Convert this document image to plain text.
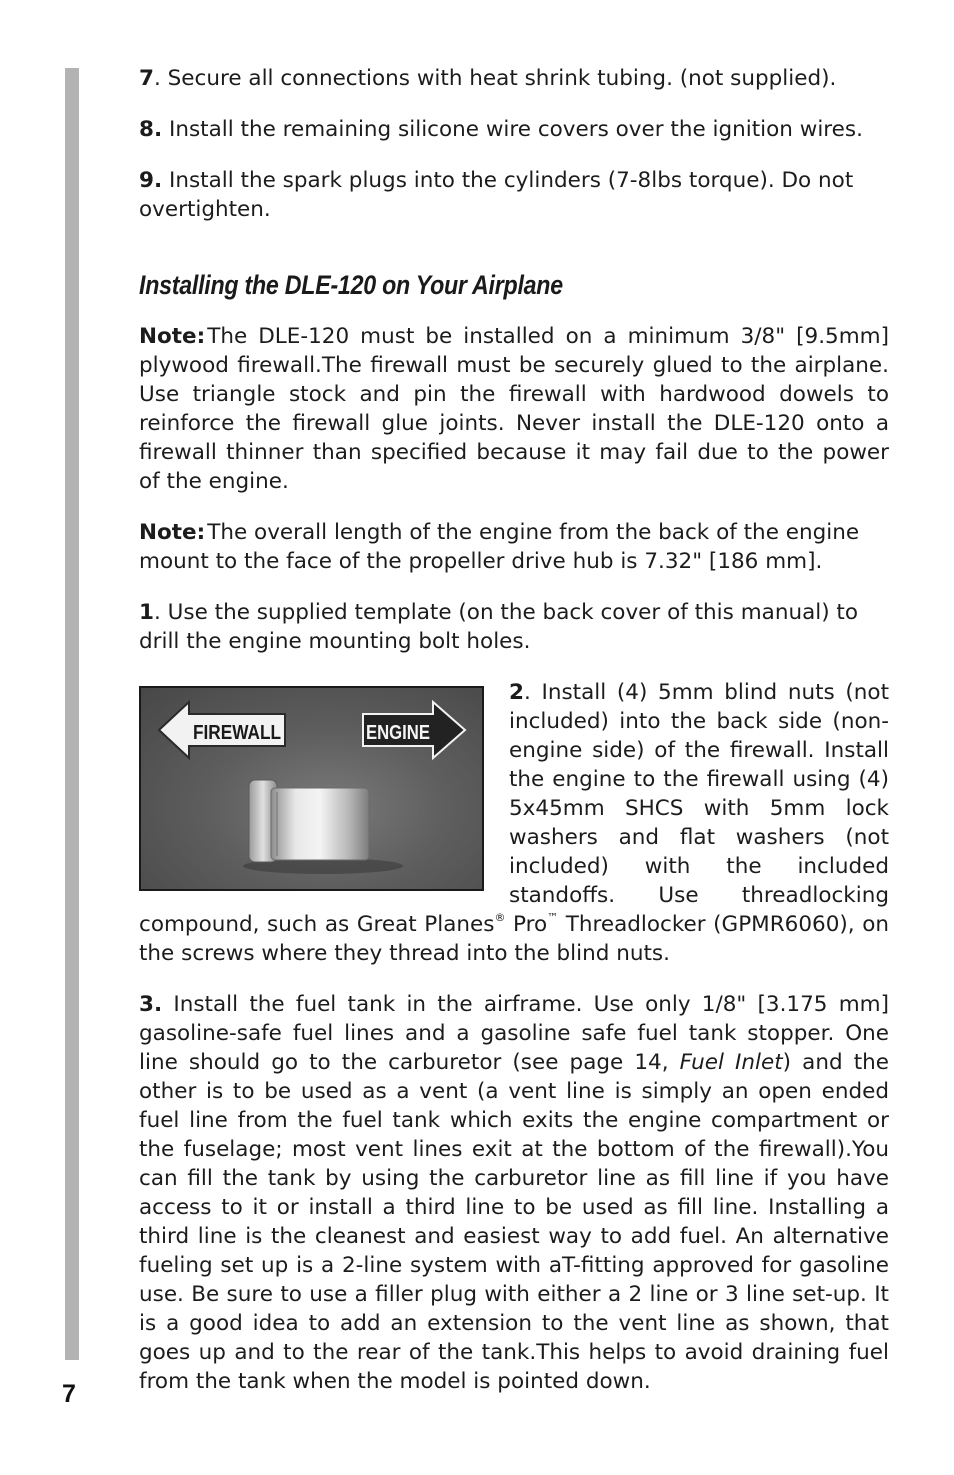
7

7. Secure all connections with heat shrink tubing. (not supplied).

8. Install the remaining silicone wire covers over the ignition wires.

9. Install the spark plugs into the cylinders (7-8lbs torque). Do not overtighten.

Installing the DLE-120 on Your Airplane

Note:The DLE-120 must be installed on a minimum 3/8" [9.5mm] plywood firewall.The firewall must be securely glued to the airplane. Use triangle stock and pin the firewall with hardwood dowels to reinforce the firewall glue joints. Never install the DLE-120 onto a firewall thinner than specified because it may fail due to the power of the engine.

Note:The overall length of the engine from the back of the engine mount to the face of the propeller drive hub is 7.32" [186 mm].

1. Use the supplied template (on the back cover of this manual) to drill the engine mounting bolt holes.

FIREWALL	ENGINE

2. Install (4) 5mm blind nuts (not included) into the back side (non-engine side) of the firewall. Install the engine to the firewall using (4) 5x45mm SHCS with 5mm lock washers and flat washers (not included) with the included standoffs. Use threadlocking compound, such as Great Planes® Pro™ Threadlocker (GPMR6060), on the screws where they thread into the blind nuts.

3. Install the fuel tank in the airframe. Use only 1/8" [3.175 mm] gasoline-safe fuel lines and a gasoline safe fuel tank stopper. One line should go to the carburetor (see page 14, Fuel Inlet) and the other is to be used as a vent (a vent line is simply an open ended fuel line from the fuel tank which exits the engine compartment or the fuselage; most vent lines exit at the bottom of the firewall).You can fill the tank by using the carburetor line as fill line if you have access to it or install a third line to be used as fill line. Installing a third line is the cleanest and easiest way to add fuel. An alternative fueling set up is a 2-line system with aT-fitting approved for gasoline use. Be sure to use a filler plug with either a 2 line or 3 line set-up. It is a good idea to add an extension to the vent line as shown, that goes up and to the rear of the tank.This helps to avoid draining fuel from the tank when the model is pointed down.
